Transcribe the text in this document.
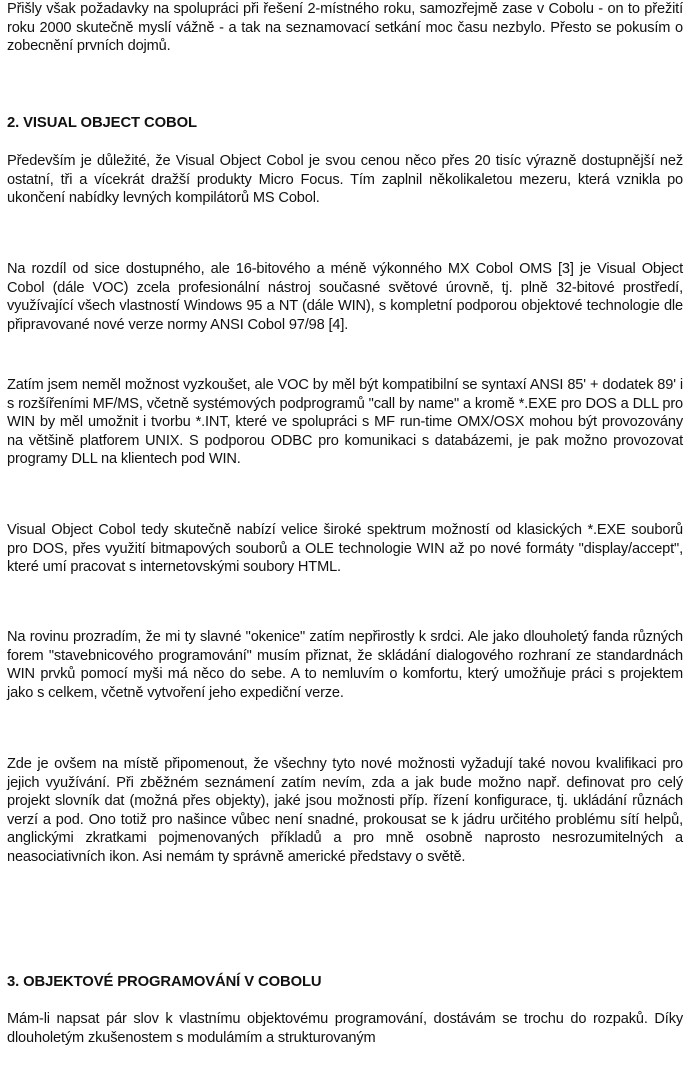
Přišly však požadavky na spolupráci při řešení 2-místného roku, samozřejmě zase v Cobolu - on to přežití roku 2000 skutečně myslí vážně - a tak na seznamovací setkání moc času nezbylo. Přesto se pokusím o zobecnění prvních dojmů.

2. VISUAL OBJECT COBOL

Především je důležité, že Visual Object Cobol je svou cenou něco přes 20 tisíc výrazně dostupnější než ostatní, tři a vícekrát dražší produkty Micro Focus. Tím zaplnil několikaletou mezeru, která vznikla po ukončení nabídky levných kompilátorů MS Cobol.

Na rozdíl od sice dostupného, ale 16-bitového a méně výkonného MX Cobol OMS [3] je Visual Object Cobol (dále VOC) zcela profesionální nástroj současné světové úrovně, tj. plně 32-bitové prostředí, využívající všech vlastností Windows 95 a NT (dále WIN), s kompletní podporou objektové technologie dle připravované nové verze normy ANSI Cobol 97/98 [4].

Zatím jsem neměl možnost vyzkoušet, ale VOC by měl být kompatibilní se syntaxí ANSI 85' + dodatek 89' i s rozšířeními MF/MS, včetně systémových podprogramů "call by name" a kromě *.EXE pro DOS a DLL pro WIN by měl umožnit i tvorbu *.INT, které ve spolupráci s MF run-time OMX/OSX mohou být provozovány na většině platforem UNIX. S podporou ODBC pro komunikaci s databázemi, je pak možno provozovat programy DLL na klientech pod WIN.

Visual Object Cobol tedy skutečně nabízí velice široké spektrum možností od klasických *.EXE souborů pro DOS, přes využití bitmapových souborů a OLE technologie WIN až po nové formáty "display/accept", které umí pracovat s internetovskými soubory HTML.

Na rovinu prozradím, že mi ty slavné "okenice" zatím nepřirostly k srdci. Ale jako dlouholetý fanda různých forem "stavebnicového programování" musím přiznat, že skládání dialogového rozhraní ze standardnách WIN prvků pomocí myši má něco do sebe. A to nemluvím o komfortu, který umožňuje práci s projektem jako s celkem, včetně vytvoření jeho expediční verze.

Zde je ovšem na místě připomenout, že všechny tyto nové možnosti vyžadují také novou kvalifikaci pro jejich využívání. Při zběžném seznámení zatím nevím, zda a jak bude možno např. definovat pro celý projekt slovník dat (možná přes objekty), jaké jsou možnosti příp. řízení konfigurace, tj. ukládání různách verzí a pod. Ono totiž pro našince vůbec není snadné, prokousat se k jádru určitého problému sítí helpů, anglickými zkratkami pojmenovaných příkladů a pro mně osobně naprosto nesrozumitelných a neasociativních ikon. Asi nemám ty správně americké představy o světě.

3. OBJEKTOVÉ PROGRAMOVÁNÍ V COBOLU

Mám-li napsat pár slov k vlastnímu objektovému programování, dostávám se trochu do rozpaků. Díky dlouholetým zkušenostem s modulámím a strukturovaným
